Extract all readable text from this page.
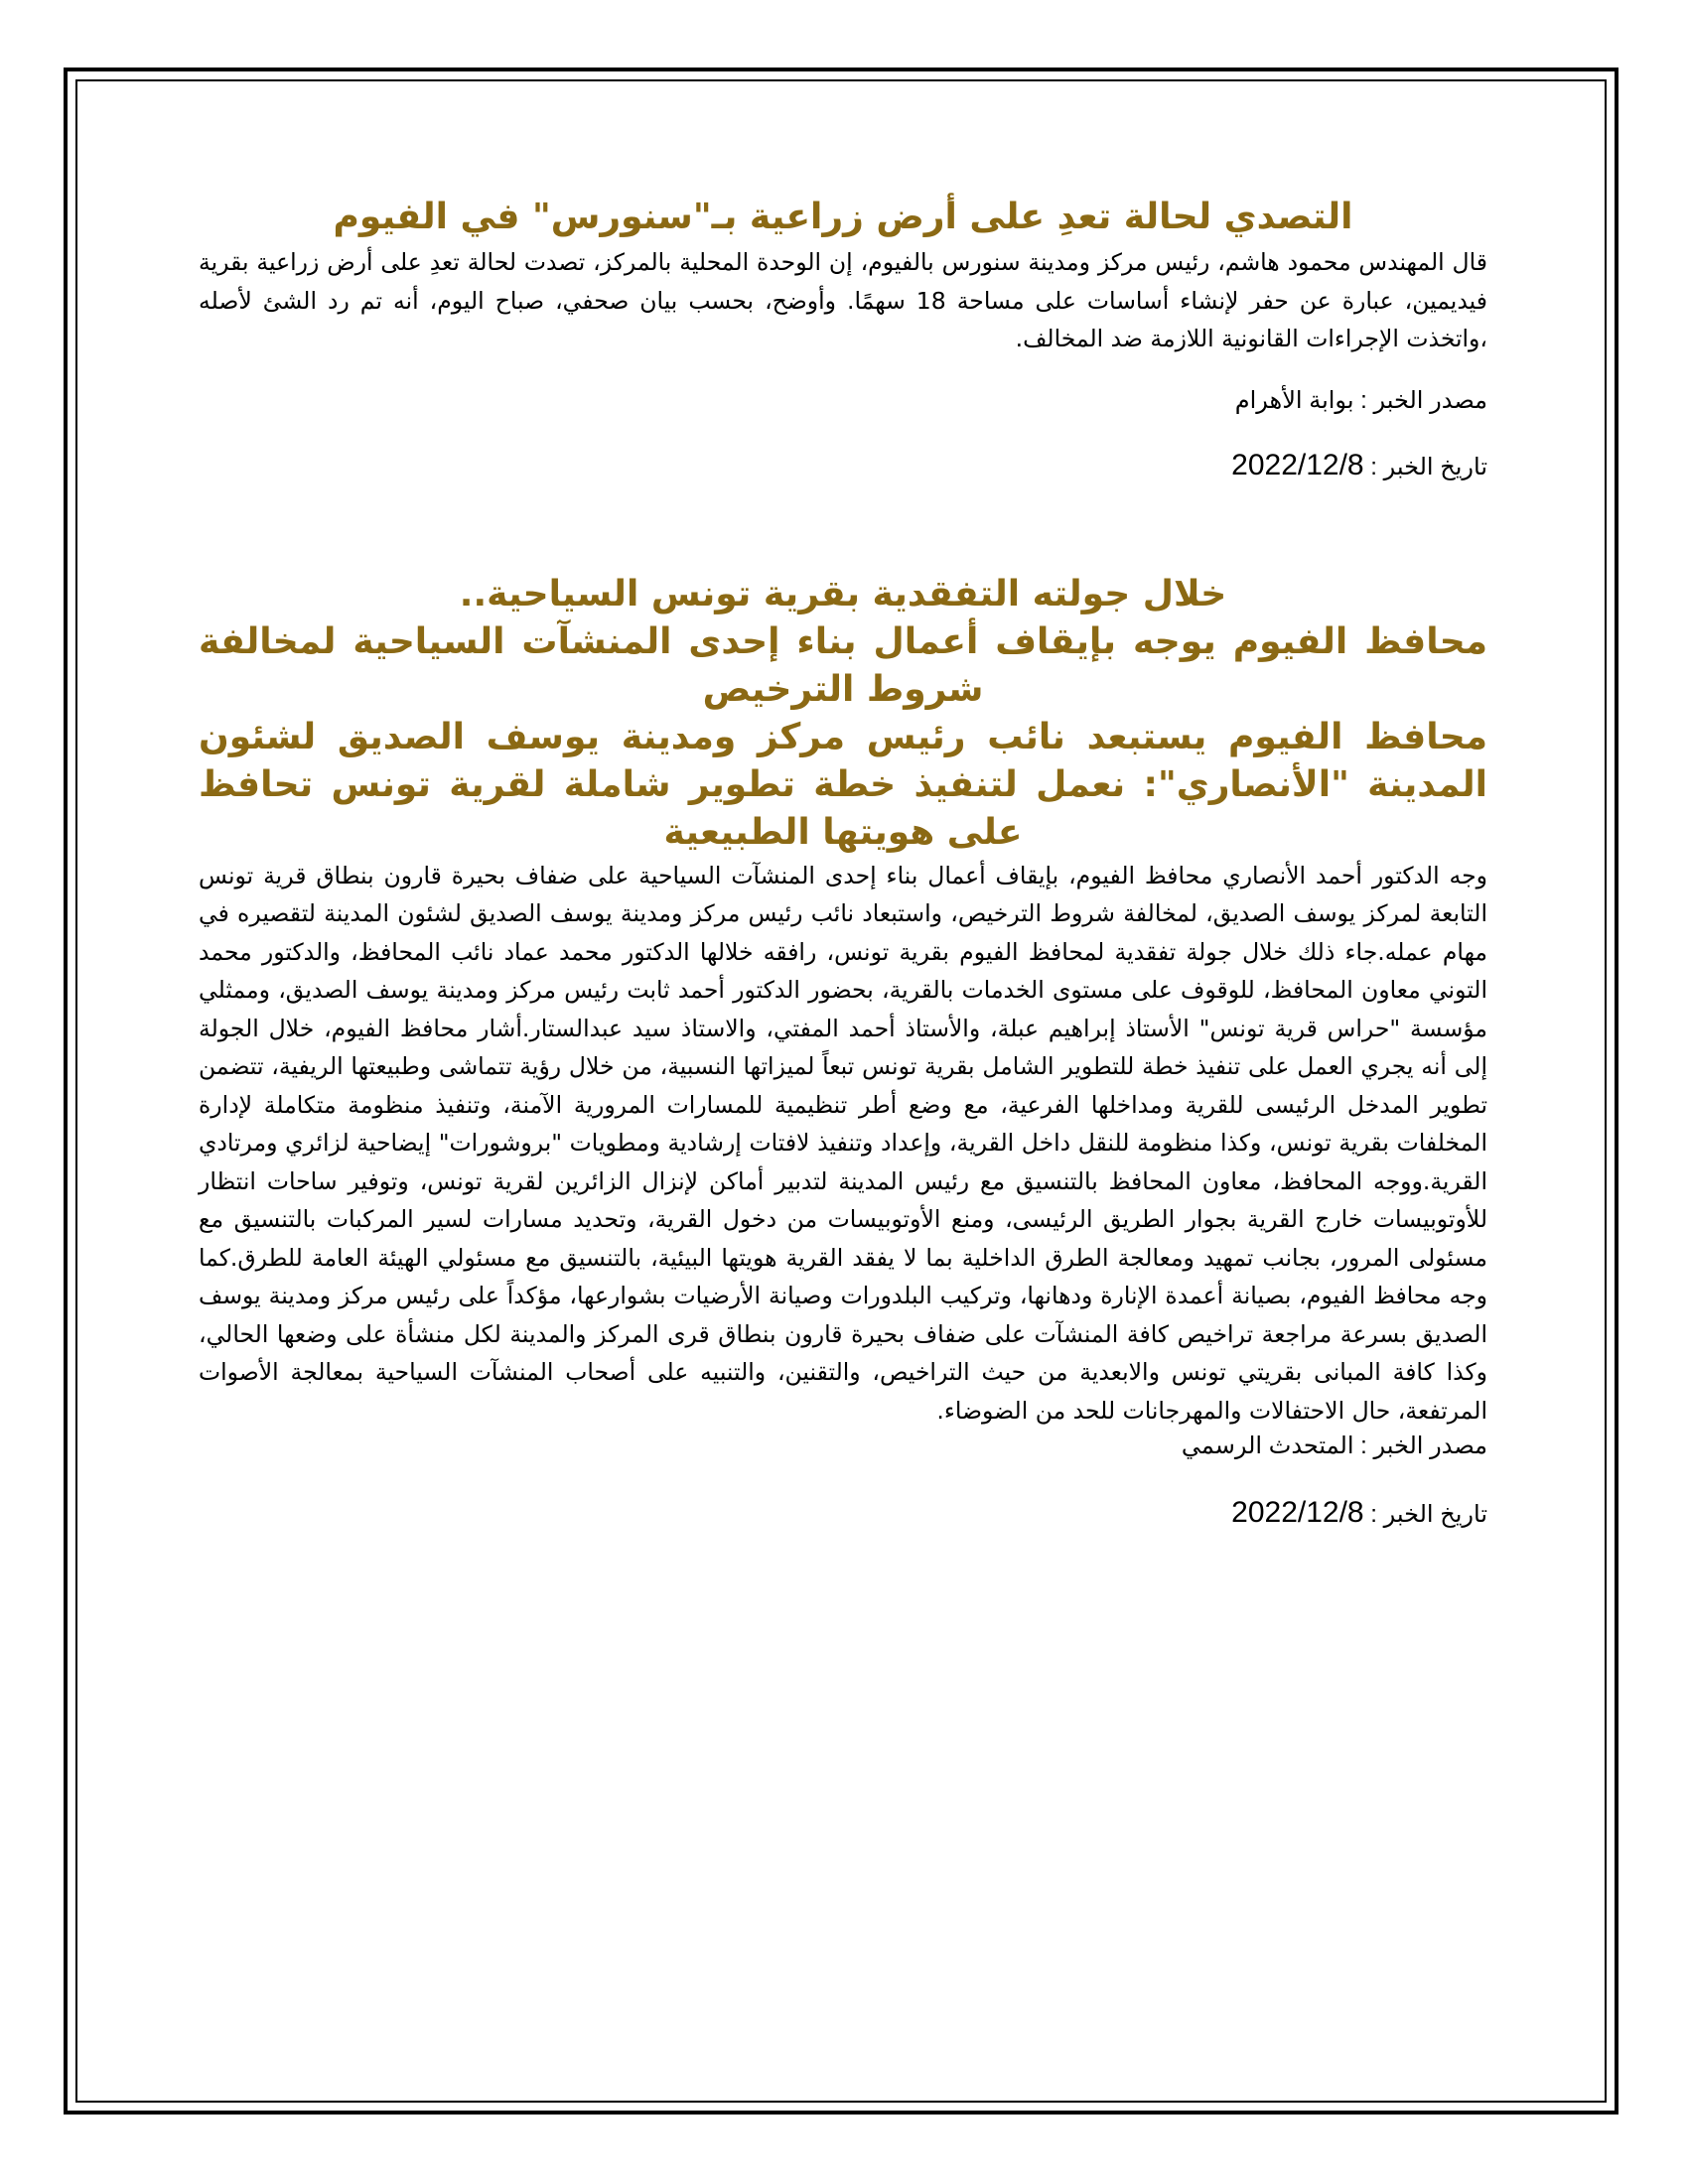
التصدي لحالة تعدِ على أرض زراعية بـ"سنورس" في الفيوم

قال المهندس محمود هاشم، رئيس مركز ومدينة سنورس بالفيوم، إن الوحدة المحلية بالمركز، تصدت لحالة تعدِ على أرض زراعية بقرية فيديمين، عبارة عن حفر لإنشاء أساسات على مساحة 18 سهمًا. وأوضح، بحسب بيان صحفي، صباح اليوم، أنه تم رد الشئ لأصله ،واتخذت الإجراءات القانونية اللازمة ضد المخالف.

مصدر الخبر : بوابة الأهرام

تاريخ الخبر : 2022/12/8

خلال جولته التفقدية بقرية تونس السياحية..
محافظ الفيوم يوجه بإيقاف أعمال بناء إحدى المنشآت السياحية لمخالفة شروط الترخيص
محافظ الفيوم يستبعد نائب رئيس مركز ومدينة يوسف الصديق لشئون المدينة "الأنصاري": نعمل لتنفيذ خطة تطوير شاملة لقرية تونس تحافظ على هويتها الطبيعية

وجه الدكتور أحمد الأنصاري محافظ الفيوم، بإيقاف أعمال بناء إحدى المنشآت السياحية على ضفاف بحيرة قارون بنطاق قرية تونس التابعة لمركز يوسف الصديق، لمخالفة شروط الترخيص، واستبعاد نائب رئيس مركز ومدينة يوسف الصديق لشئون المدينة لتقصيره في مهام عمله.جاء ذلك خلال جولة تفقدية لمحافظ الفيوم بقرية تونس، رافقه خلالها الدكتور محمد عماد نائب المحافظ، والدكتور محمد التوني معاون المحافظ، للوقوف على مستوى الخدمات بالقرية، بحضور الدكتور أحمد ثابت رئيس مركز ومدينة يوسف الصديق، وممثلي مؤسسة "حراس قرية تونس" الأستاذ إبراهيم عبلة، والأستاذ أحمد المفتي، والاستاذ سيد عبدالستار.أشار محافظ الفيوم، خلال الجولة إلى أنه يجري العمل على تنفيذ خطة للتطوير الشامل بقرية تونس تبعاً لميزاتها النسبية، من خلال رؤية تتماشى وطبيعتها الريفية، تتضمن تطوير المدخل الرئيسى للقرية ومداخلها الفرعية، مع وضع أطر تنظيمية للمسارات المرورية الآمنة، وتنفيذ منظومة متكاملة لإدارة المخلفات بقرية تونس، وكذا منظومة للنقل داخل القرية، وإعداد وتنفيذ لافتات إرشادية ومطويات "بروشورات" إيضاحية لزائري ومرتادي القرية.ووجه المحافظ، معاون المحافظ بالتنسيق مع رئيس المدينة لتدبير أماكن لإنزال الزائرين لقرية تونس، وتوفير ساحات انتظار للأوتوبيسات خارج القرية بجوار الطريق الرئيسى، ومنع الأوتوبيسات من دخول القرية، وتحديد مسارات لسير المركبات بالتنسيق مع مسئولى المرور، بجانب تمهيد ومعالجة الطرق الداخلية بما لا يفقد القرية هويتها البيئية، بالتنسيق مع مسئولي الهيئة العامة للطرق.كما وجه محافظ الفيوم، بصيانة أعمدة الإنارة ودهانها، وتركيب البلدورات وصيانة الأرضيات بشوارعها، مؤكداً على رئيس مركز ومدينة يوسف الصديق بسرعة مراجعة تراخيص كافة المنشآت على ضفاف بحيرة قارون بنطاق قرى المركز والمدينة لكل منشأة على وضعها الحالي، وكذا كافة المبانى بقريتي تونس والابعدية من حيث التراخيص، والتقنين، والتنبيه على أصحاب المنشآت السياحية بمعالجة الأصوات المرتفعة، حال الاحتفالات والمهرجانات للحد من الضوضاء.

مصدر الخبر : المتحدث الرسمي

تاريخ الخبر : 2022/12/8
